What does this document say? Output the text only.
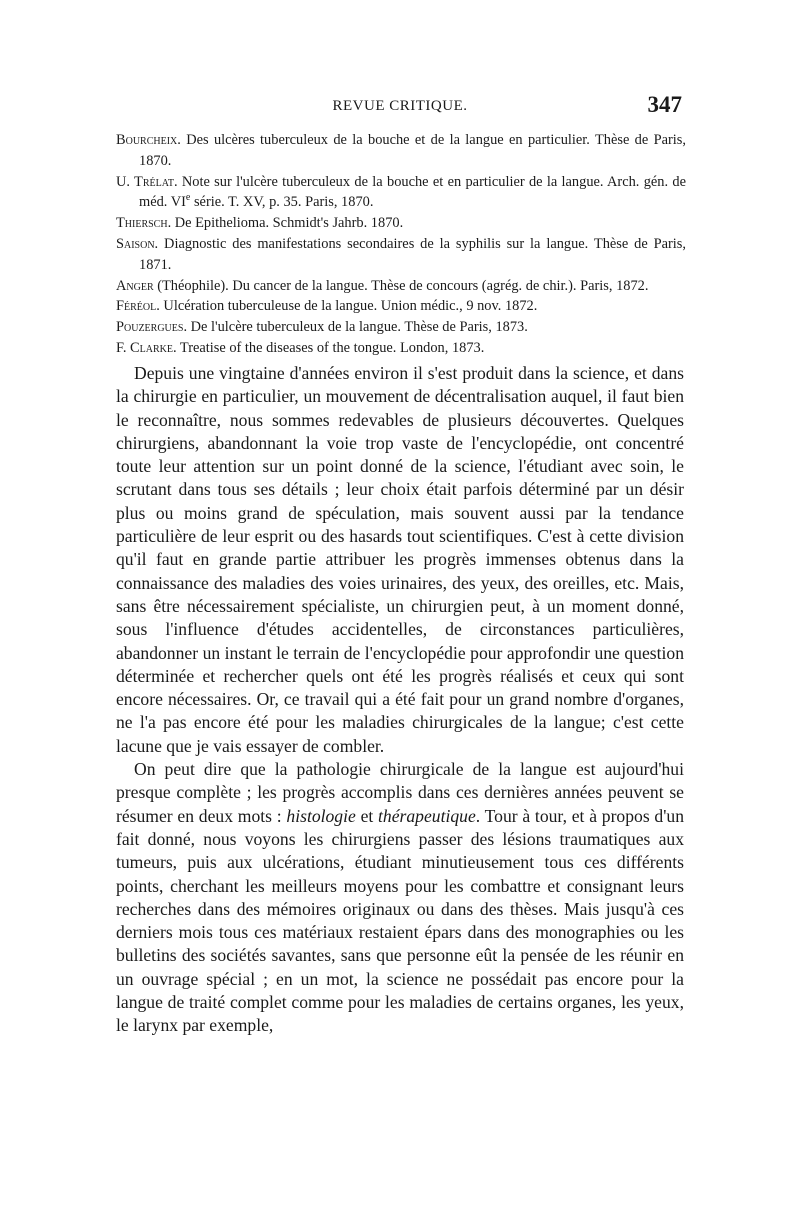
REVUE CRITIQUE.	347

Bourcheix. Des ulcères tuberculeux de la bouche et de la langue en particulier. Thèse de Paris, 1870.

U. Trélat. Note sur l'ulcère tuberculeux de la bouche et en particulier de la langue. Arch. gén. de méd. VIe série. T. XV, p. 35. Paris, 1870.

Thiersch. De Epithelioma. Schmidt's Jahrb. 1870.

Saison. Diagnostic des manifestations secondaires de la syphilis sur la langue. Thèse de Paris, 1871.

Anger (Théophile). Du cancer de la langue. Thèse de concours (agrég. de chir.). Paris, 1872.

Féréol. Ulcération tuberculeuse de la langue. Union médic., 9 nov. 1872.

Pouzergues. De l'ulcère tuberculeux de la langue. Thèse de Paris, 1873.

F. Clarke. Treatise of the diseases of the tongue. London, 1873.

Depuis une vingtaine d'années environ il s'est produit dans la science, et dans la chirurgie en particulier, un mouvement de décentralisation auquel, il faut bien le reconnaître, nous sommes redevables de plusieurs découvertes. Quelques chirurgiens, abandonnant la voie trop vaste de l'encyclopédie, ont concentré toute leur attention sur un point donné de la science, l'étudiant avec soin, le scrutant dans tous ses détails ; leur choix était parfois déterminé par un désir plus ou moins grand de spéculation, mais souvent aussi par la tendance particulière de leur esprit ou des hasards tout scientifiques. C'est à cette division qu'il faut en grande partie attribuer les progrès immenses obtenus dans la connaissance des maladies des voies urinaires, des yeux, des oreilles, etc. Mais, sans être nécessairement spécialiste, un chirurgien peut, à un moment donné, sous l'influence d'études accidentelles, de circonstances particulières, abandonner un instant le terrain de l'encyclopédie pour approfondir une question déterminée et rechercher quels ont été les progrès réalisés et ceux qui sont encore nécessaires. Or, ce travail qui a été fait pour un grand nombre d'organes, ne l'a pas encore été pour les maladies chirurgicales de la langue; c'est cette lacune que je vais essayer de combler.

On peut dire que la pathologie chirurgicale de la langue est aujourd'hui presque complète ; les progrès accomplis dans ces dernières années peuvent se résumer en deux mots : histologie et thérapeutique. Tour à tour, et à propos d'un fait donné, nous voyons les chirurgiens passer des lésions traumatiques aux tumeurs, puis aux ulcérations, étudiant minutieusement tous ces différents points, cherchant les meilleurs moyens pour les combattre et consignant leurs recherches dans des mémoires originaux ou dans des thèses. Mais jusqu'à ces derniers mois tous ces matériaux restaient épars dans des monographies ou les bulletins des sociétés savantes, sans que personne eût la pensée de les réunir en un ouvrage spécial ; en un mot, la science ne possédait pas encore pour la langue de traité complet comme pour les maladies de certains organes, les yeux, le larynx par exemple,
